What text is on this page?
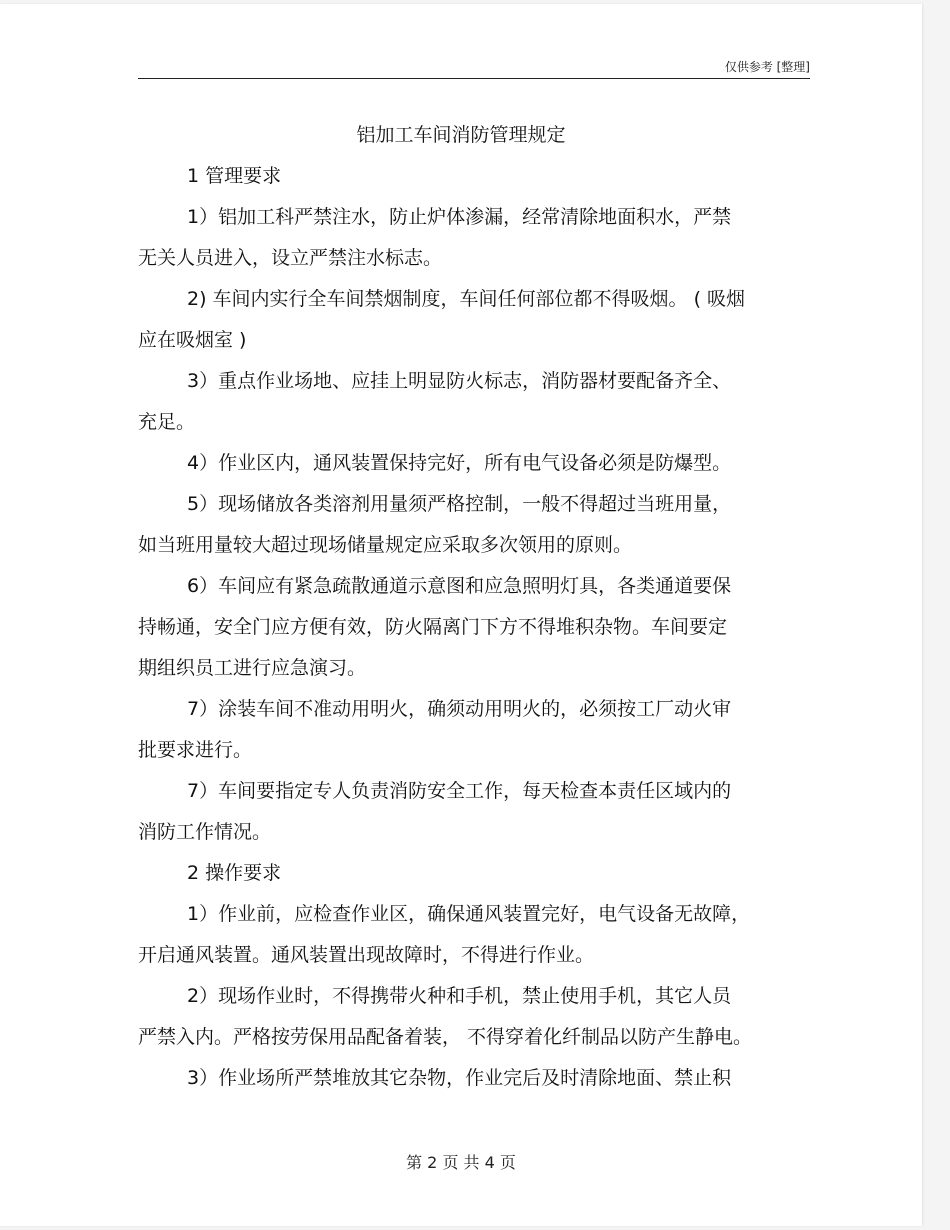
仅供参考 [整理]
铝加工车间消防管理规定
1 管理要求
1）铝加工科严禁注水，防止炉体渗漏，经常清除地面积水，严禁
无关人员进入，设立严禁注水标志。
2) 车间内实行全车间禁烟制度，车间任何部位都不得吸烟。 ( 吸烟
应在吸烟室 )
3）重点作业场地、应挂上明显防火标志，消防器材要配备齐全、
充足。
4）作业区内，通风装置保持完好，所有电气设备必须是防爆型。
5）现场储放各类溶剂用量须严格控制，一般不得超过当班用量，
如当班用量较大超过现场储量规定应采取多次领用的原则。
6）车间应有紧急疏散通道示意图和应急照明灯具，各类通道要保
持畅通，安全门应方便有效，防火隔离门下方不得堆积杂物。车间要定
期组织员工进行应急演习。
7）涂装车间不准动用明火，确须动用明火的，必须按工厂动火审
批要求进行。
7）车间要指定专人负责消防安全工作，每天检查本责任区域内的
消防工作情况。
2 操作要求
1）作业前，应检查作业区，确保通风装置完好，电气设备无故障，
开启通风装置。通风装置出现故障时，不得进行作业。
2）现场作业时，不得携带火种和手机，禁止使用手机，其它人员
严禁入内。严格按劳保用品配备着装， 不得穿着化纤制品以防产生静电。
3）作业场所严禁堆放其它杂物，作业完后及时清除地面、禁止积
第 2 页 共 4 页
